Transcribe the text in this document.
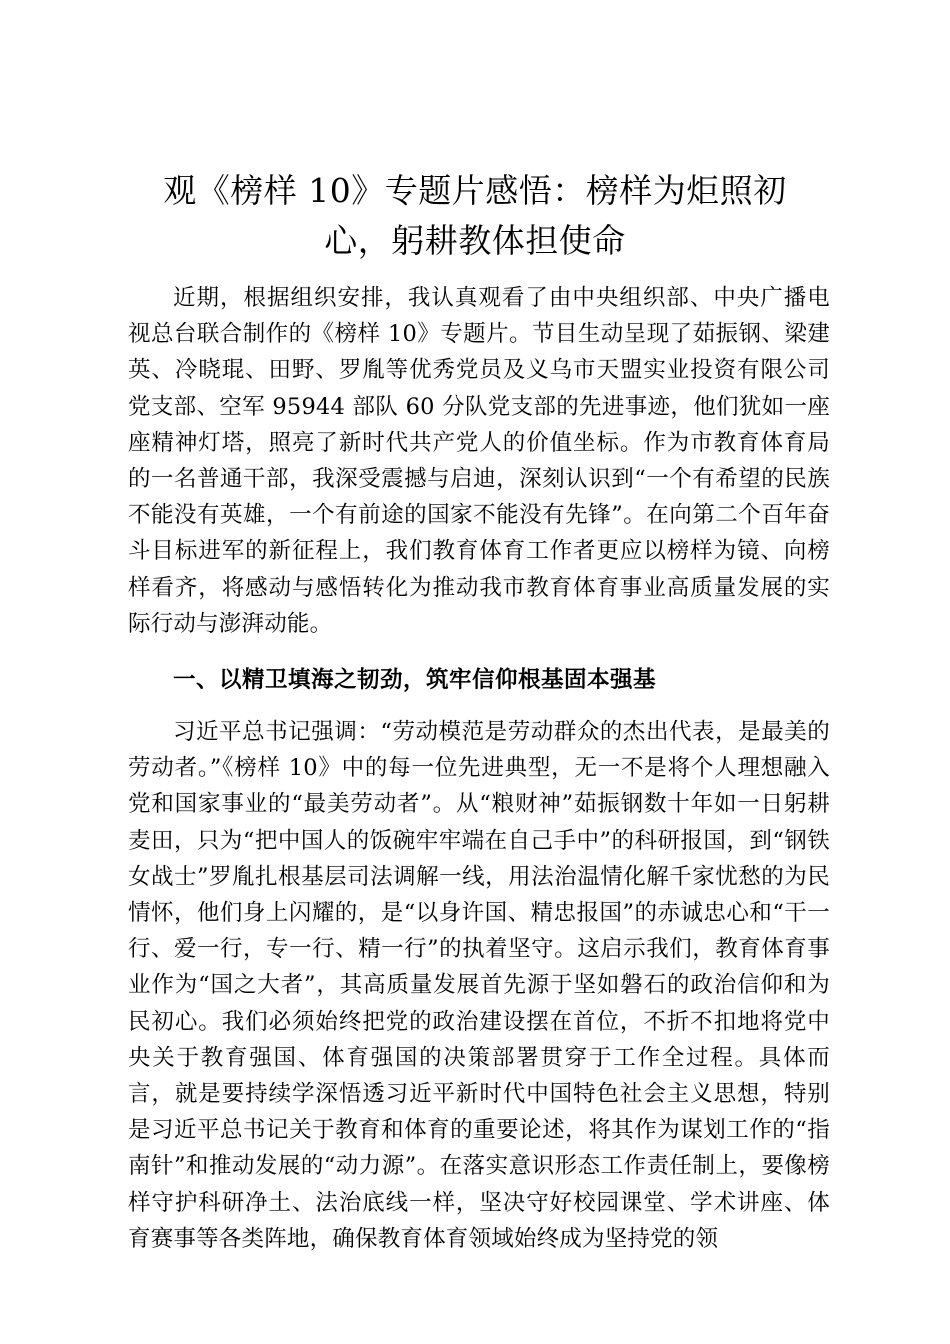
观《榜样 10》专题片感悟：榜样为炬照初
心，躬耕教体担使命

近期，根据组织安排，我认真观看了由中央组织部、中央广播电视总台联合制作的《榜样 10》专题片。节目生动呈现了茹振钢、梁建英、冷晓琨、田野、罗胤等优秀党员及义乌市天盟实业投资有限公司党支部、空军 95944 部队 60 分队党支部的先进事迹，他们犹如一座座精神灯塔，照亮了新时代共产党人的价值坐标。作为市教育体育局的一名普通干部，我深受震撼与启迪，深刻认识到“一个有希望的民族不能没有英雄，一个有前途的国家不能没有先锋”。在向第二个百年奋斗目标进军的新征程上，我们教育体育工作者更应以榜样为镜、向榜样看齐，将感动与感悟转化为推动我市教育体育事业高质量发展的实际行动与澎湃动能。

一、以精卫填海之韧劲，筑牢信仰根基固本强基

习近平总书记强调：“劳动模范是劳动群众的杰出代表，是最美的劳动者。”《榜样 10》中的每一位先进典型，无一不是将个人理想融入党和国家事业的“最美劳动者”。从“粮财神”茹振钢数十年如一日躬耕麦田，只为“把中国人的饭碗牢牢端在自己手中”的科研报国，到“钢铁女战士”罗胤扎根基层司法调解一线，用法治温情化解千家忧愁的为民情怀，他们身上闪耀的，是“以身许国、精忠报国”的赤诚忠心和“干一行、爱一行，专一行、精一行”的执着坚守。这启示我们，教育体育事业作为“国之大者”，其高质量发展首先源于坚如磐石的政治信仰和为民初心。我们必须始终把党的政治建设摆在首位，不折不扣地将党中央关于教育强国、体育强国的决策部署贯穿于工作全过程。具体而言，就是要持续学深悟透习近平新时代中国特色社会主义思想，特别是习近平总书记关于教育和体育的重要论述，将其作为谋划工作的“指南针”和推动发展的“动力源”。在落实意识形态工作责任制上，要像榜样守护科研净土、法治底线一样，坚决守好校园课堂、学术讲座、体育赛事等各类阵地，确保教育体育领域始终成为坚持党的领
